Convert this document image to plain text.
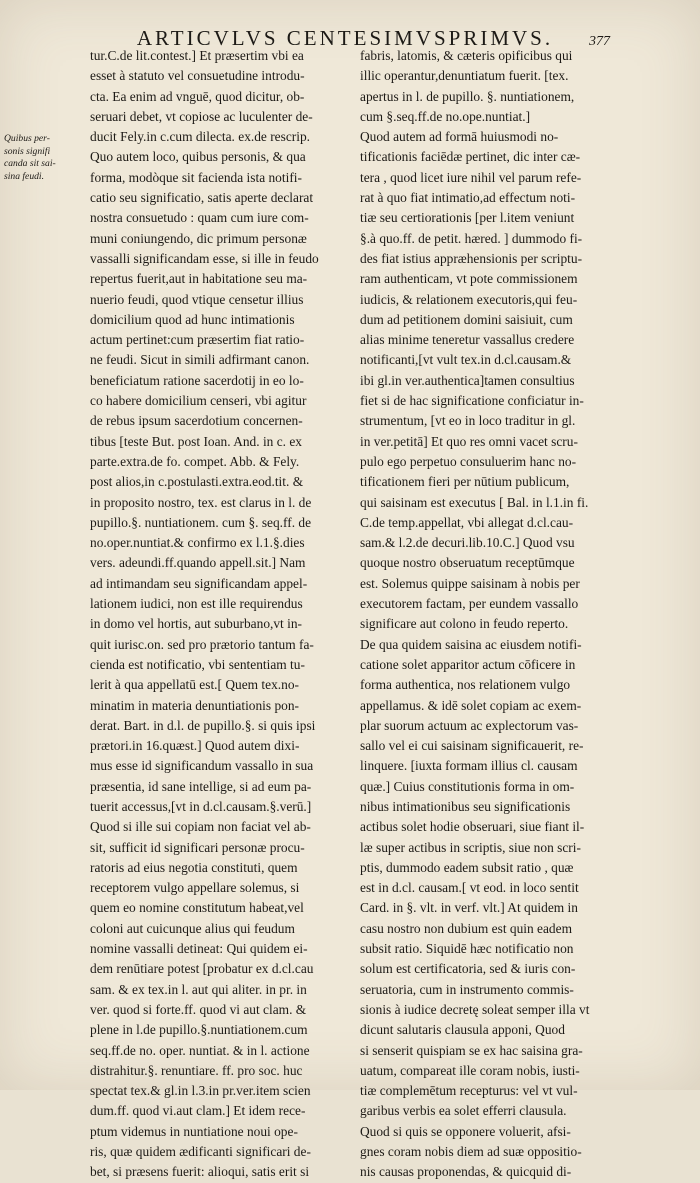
ARTICVLVS CENTESIMVSPRIMVS.	377

Quibus per-

sonis signifi

canda sit sai-

sina feudi.

tur.C.de lit.contest.] Et præsertim vbi ea

esset à statuto vel consuetudine introdu-

cta. Ea enim ad vnguē, quod dicitur, ob-

seruari debet, vt copiose ac luculenter de-

ducit Fely.in c.cum dilecta. ex.de rescrip.

Quo autem loco, quibus personis, & qua

forma, modòque sit facienda ista notifi-

catio seu significatio, satis aperte declarat

nostra consuetudo : quam cum iure com-

muni coniungendo, dic primum personæ

vassalli significandam esse, si ille in feudo

repertus fuerit,aut in habitatione seu ma-

nuerio feudi, quod vtique censetur illius

domicilium quod ad hunc intimationis

actum pertinet:cum præsertim fiat ratio-

ne feudi. Sicut in simili adfirmant canon.

beneficiatum ratione sacerdotij in eo lo-

co habere domicilium censeri, vbi agitur

de rebus ipsum sacerdotium concernen-

tibus [teste But. post Ioan. And. in c. ex

parte.extra.de fo. compet. Abb. & Fely.

post alios,in c.postulasti.extra.eod.tit. &

in proposito nostro, tex. est clarus in l. de

pupillo.§. nuntiationem. cum §. seq.ff. de

no.oper.nuntiat.& confirmo ex l.1.§.dies

vers. adeundi.ff.quando appell.sit.] Nam

ad intimandam seu significandam appel-

lationem iudici, non est ille requirendus

in domo vel hortis, aut suburbano,vt in-

quit iurisc.on. sed pro prætorio tantum fa-

cienda est notificatio, vbi sententiam tu-

lerit à qua appellatū est.[ Quem tex.no-

minatim in materia denuntiationis pon-

derat. Bart. in d.l. de pupillo.§. si quis ipsi

prætori.in 16.quæst.] Quod autem dixi-

mus esse id significandum vassallo in sua

præsentia, id sane intellige, si ad eum pa-

tuerit accessus,[vt in d.cl.causam.§.verū.]

Quod si ille sui copiam non faciat vel ab-

sit, sufficit id significari personæ procu-

ratoris ad eius negotia constituti, quem

receptorem vulgo appellare solemus, si

quem eo nomine constitutum habeat,vel

coloni aut cuicunque alius qui feudum

nomine vassalli detineat: Qui quidem ei-

dem renūtiare potest [probatur ex d.cl.cau

sam. & ex tex.in l. aut qui aliter. in pr. in

ver. quod si forte.ff. quod vi aut clam. &

plene in l.de pupillo.§.nuntiationem.cum

seq.ff.de no. oper. nuntiat. & in l. actione

distrahitur.§. renuntiare. ff. pro soc. huc

spectat tex.& gl.in l.3.in pr.ver.item scien

dum.ff. quod vi.aut clam.] Et idem rece-

ptum videmus in nuntiatione noui ope-

ris, quæ quidem ædificanti significari de-

bet, si præsens fuerit: alioqui, satis erit si

fabris, latomis, & cæteris opificibus qui

illic operantur,denuntiatum fuerit. [tex.

apertus in l. de pupillo. §. nuntiationem,

cum §.seq.ff.de no.ope.nuntiat.]

Quod autem ad formā huiusmodi no-

tificationis faciēdæ pertinet, dic inter cæ-

tera , quod licet iure nihil vel parum refe-

rat à quo fiat intimatio,ad effectum noti-

tiæ seu certiorationis [per l.item veniunt

§.à quo.ff. de petit. hæred. ] dummodo fi-

des fiat istius appræhensionis per scriptu-

ram authenticam, vt pote commissionem

iudicis, & relationem executoris,qui feu-

dum ad petitionem domini saisiuit, cum

alias minime teneretur vassallus credere

notificanti,[vt vult tex.in d.cl.causam.&

ibi gl.in ver.authentica]tamen consultius

fiet si de hac significatione conficiatur in-

strumentum, [vt eo in loco traditur in gl.

in ver.petitā] Et quo res omni vacet scru-

pulo ego perpetuo consuluerim hanc no-

tificationem fieri per nūtium publicum,

qui saisinam est executus [ Bal. in l.1.in fi.

C.de temp.appellat, vbi allegat d.cl.cau-

sam.& l.2.de decuri.lib.10.C.] Quod vsu

quoque nostro obseruatum receptūmque

est. Solemus quippe saisinam à nobis per

executorem factam, per eundem vassallo

significare aut colono in feudo reperto.

De qua quidem saisina ac eiusdem notifi-

catione solet apparitor actum cōficere in

forma authentica, nos relationem vulgo

appellamus. & idē solet copiam ac exem-

plar suorum actuum ac explectorum vas-

sallo vel ei cui saisinam significauerit, re-

linquere. [iuxta formam illius cl. causam

quæ.] Cuius constitutionis forma in om-

nibus intimationibus seu significationis

actibus solet hodie obseruari, siue fiant il-

læ super actibus in scriptis, siue non scri-

ptis, dummodo eadem subsit ratio , quæ

est in d.cl. causam.[ vt eod. in loco sentit

Card. in §. vlt. in verf. vlt.] At quidem in

casu nostro non dubium est quin eadem

subsit ratio. Siquidē hæc notificatio non

solum est certificatoria, sed & iuris con-

seruatoria, cum in instrumento commis-

sionis à iudice decretę soleat semper illa vt

dicunt salutaris clausula apponi, Quod

si senserit quispiam se ex hac saisina gra-

uatum, compareat ille coram nobis, iusti-

tiæ complemētum recepturus: vel vt vul-

garibus verbis ea solet efferri clausula.

Quod si quis se opponere voluerit, afsi-

gnes coram nobis diem ad suæ oppositio-

nis causas proponendas, & quicquid di-
